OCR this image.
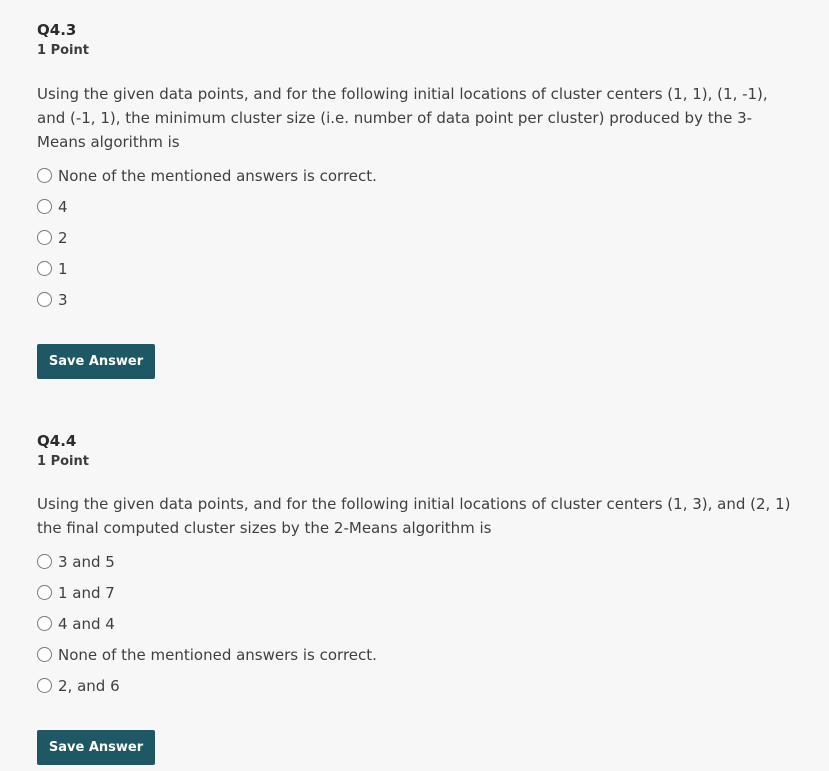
Q4.3
1 Point
Using the given data points, and for the following initial locations of cluster centers (1, 1), (1, -1), and (-1, 1), the minimum cluster size (i.e. number of data point per cluster) produced by the 3-Means algorithm is
None of the mentioned answers is correct.
4
2
1
3
Save Answer
Q4.4
1 Point
Using the given data points, and for the following initial locations of cluster centers (1, 3), and (2, 1) the final computed cluster sizes by the 2-Means algorithm is
3 and 5
1 and 7
4 and 4
None of the mentioned answers is correct.
2, and 6
Save Answer
